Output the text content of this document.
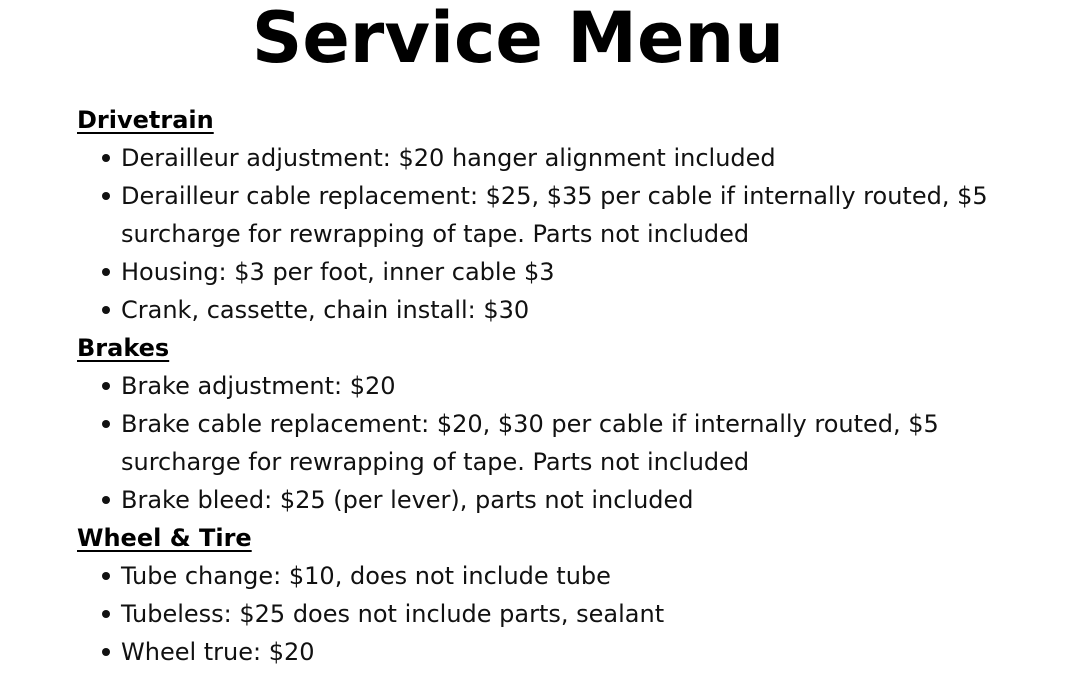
Service Menu
Drivetrain
Derailleur adjustment: $20 hanger alignment included
Derailleur cable replacement: $25, $35 per cable if internally routed, $5 surcharge for rewrapping of tape. Parts not included
Housing: $3 per foot, inner cable $3
Crank, cassette, chain install: $30
Brakes
Brake adjustment: $20
Brake cable replacement: $20, $30 per cable if internally routed, $5 surcharge for rewrapping of tape. Parts not included
Brake bleed: $25 (per lever), parts not included
Wheel & Tire
Tube change: $10, does not include tube
Tubeless: $25 does not include parts, sealant
Wheel true: $20
